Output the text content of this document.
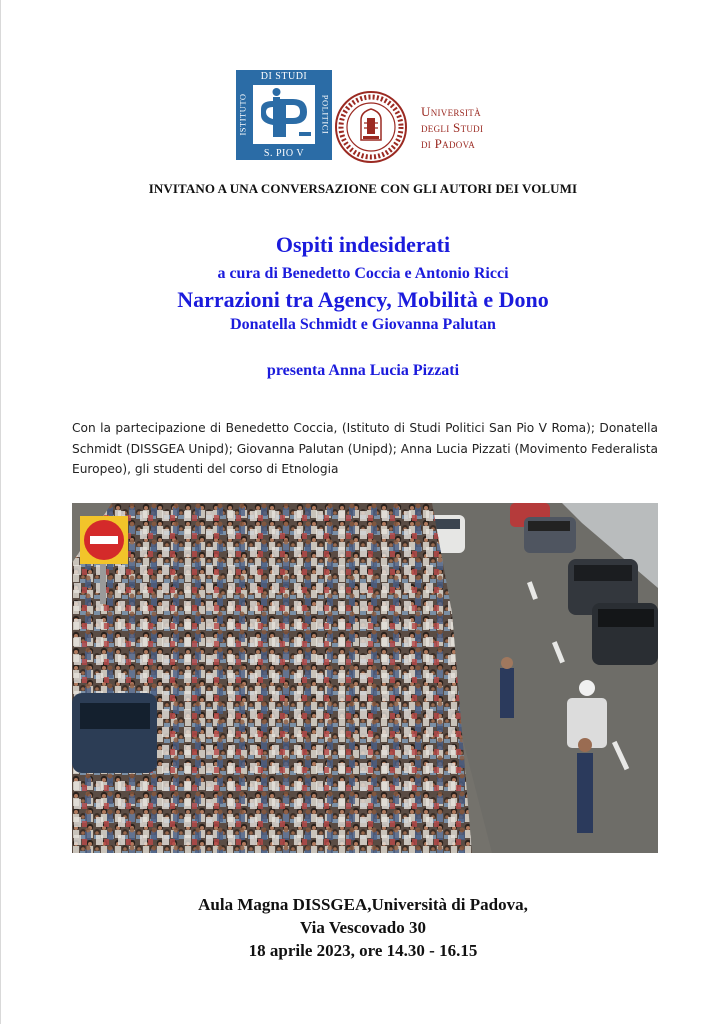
DI STUDI
S. PIO V
ISTITUTO	POLITICI	Università
degli Studi
di Padova
INVITANO A UNA CONVERSAZIONE CON GLI AUTORI DEI VOLUMI
Ospiti indesiderati
a cura di Benedetto Coccia e Antonio Ricci
Narrazioni tra Agency, Mobilità e Dono
Donatella Schmidt e Giovanna Palutan
presenta Anna Lucia Pizzati
Con la partecipazione di Benedetto Coccia, (Istituto di Studi Politici San Pio V Roma); Donatella Schmidt (DISSGEA Unipd); Giovanna Palutan (Unipd); Anna Lucia Pizzati (Movimento Federalista Europeo), gli studenti del corso di Etnologia
Aula Magna DISSGEA,Università di Padova,
Via Vescovado 30
18 aprile 2023, ore 14.30 - 16.15
